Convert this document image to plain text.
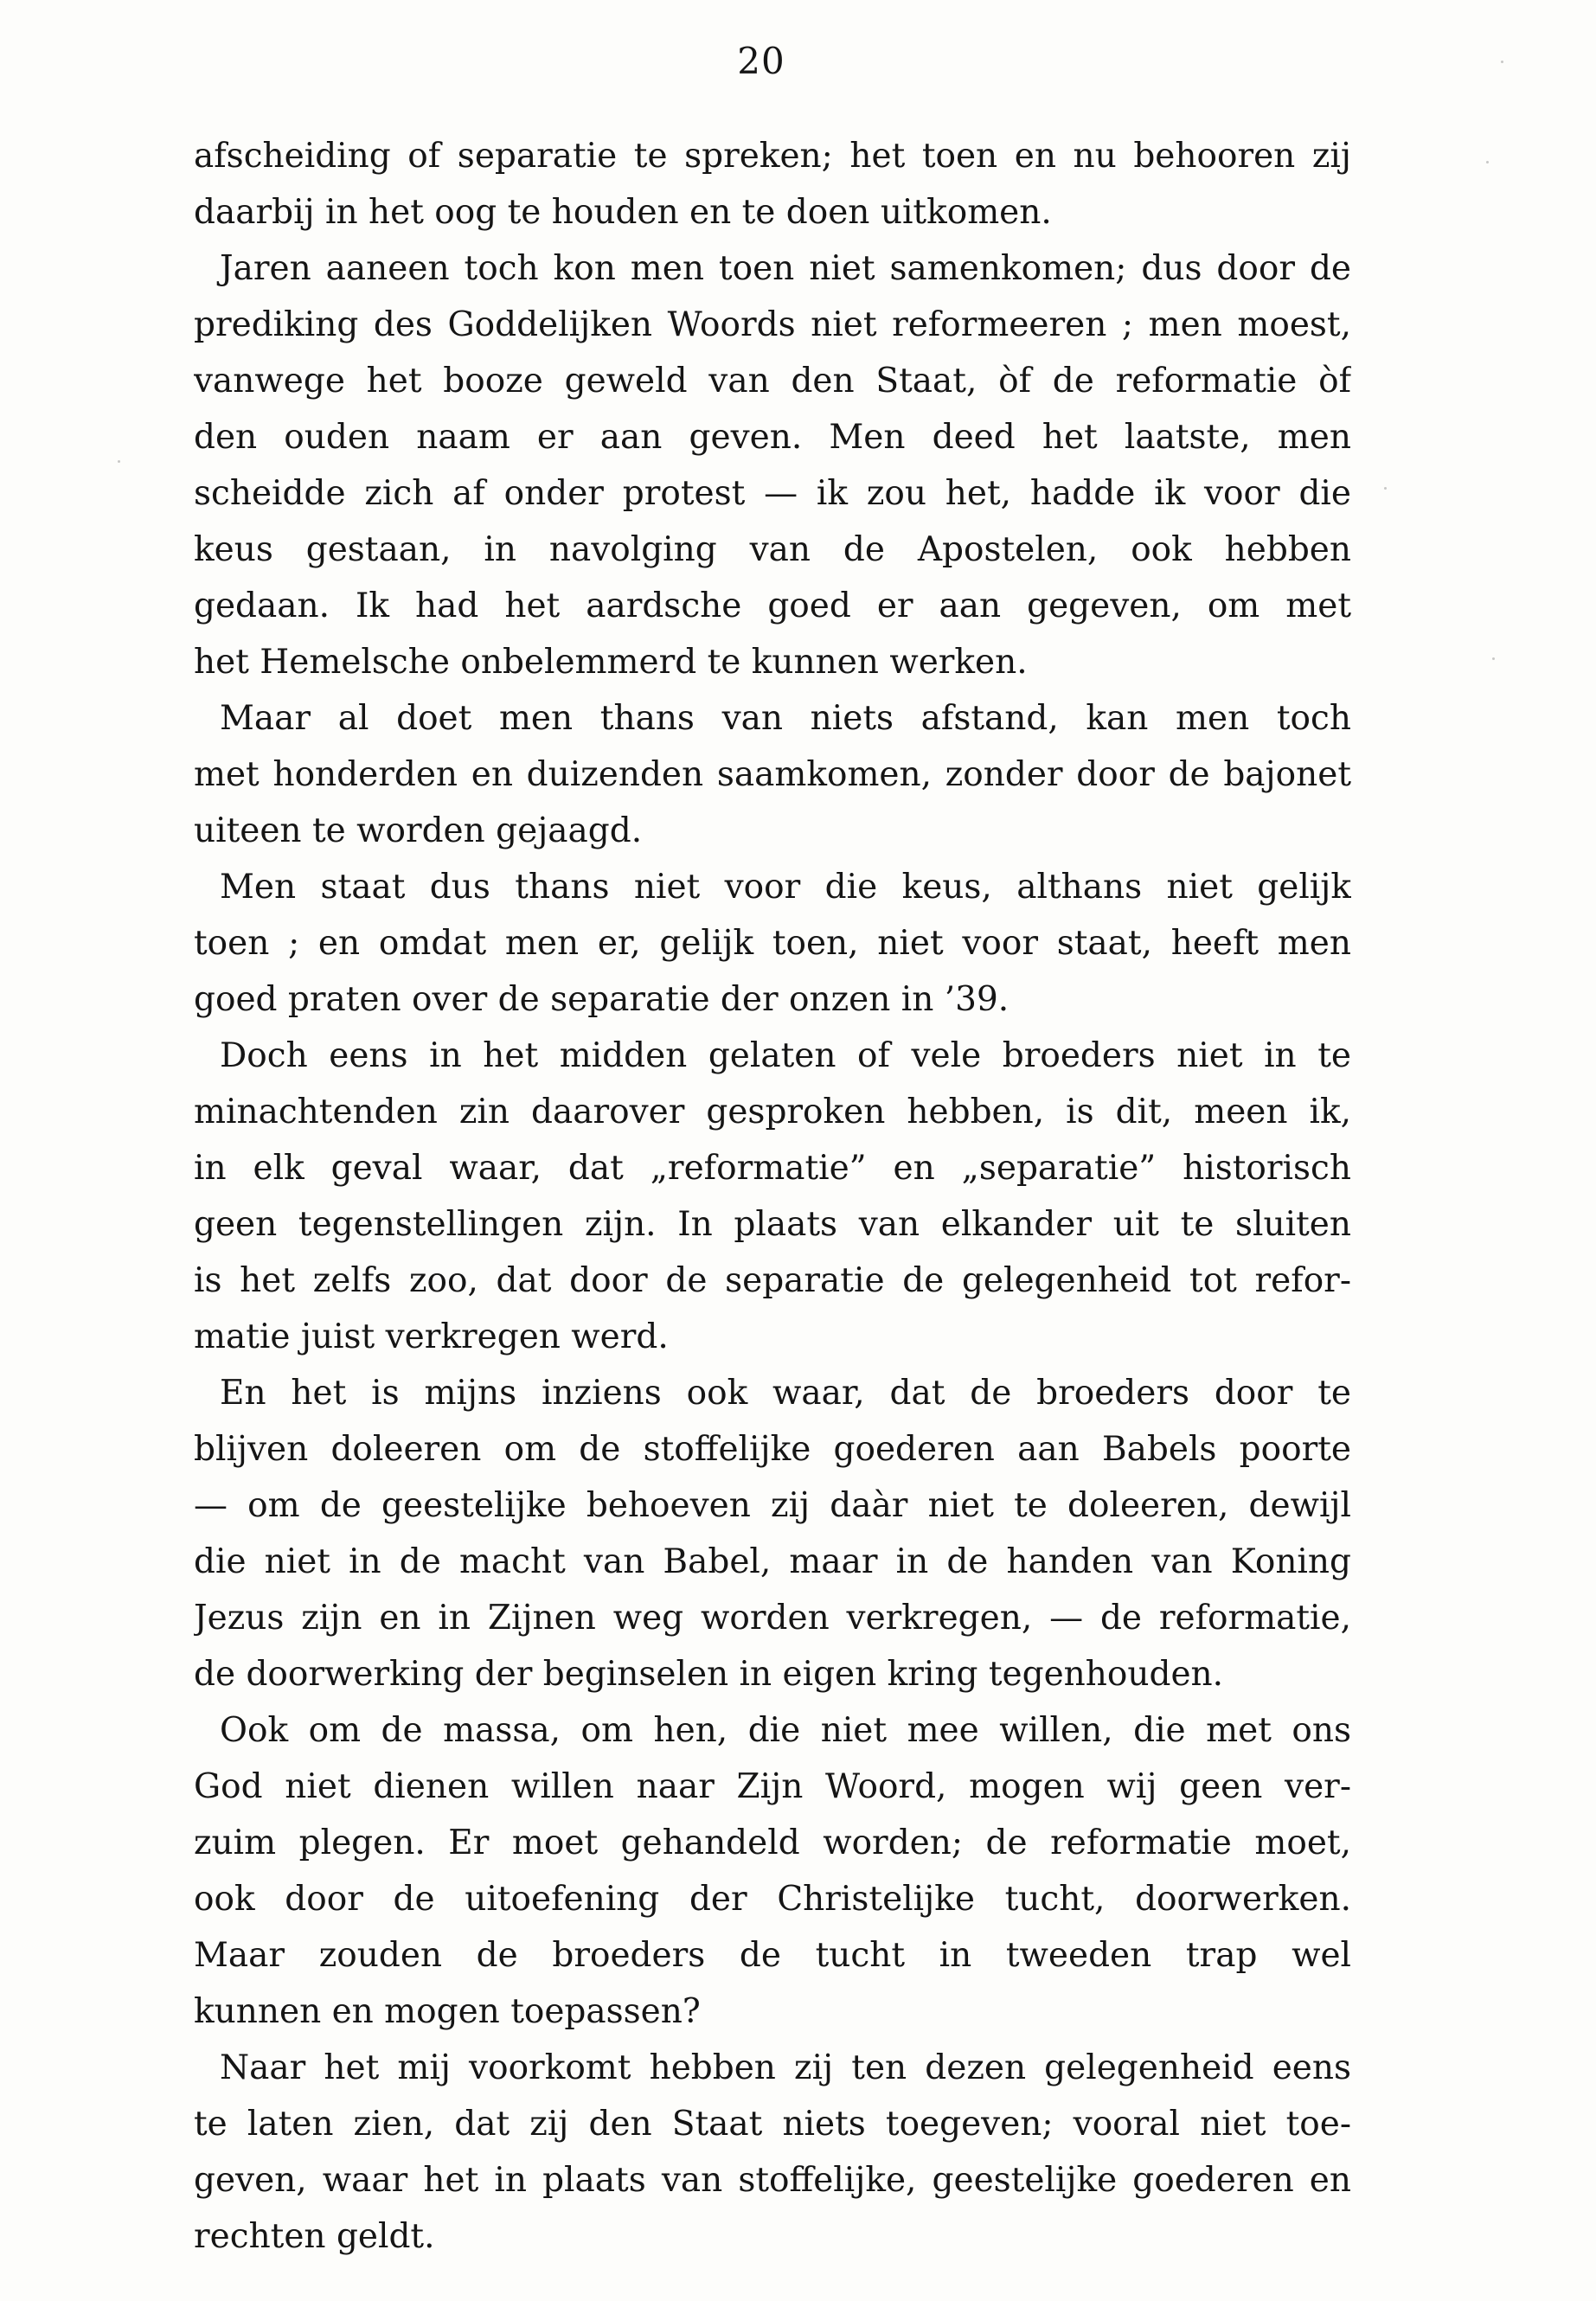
20
afscheiding of separatie te spreken; het toen en nu behooren zij
daarbij in het oog te houden en te doen uitkomen.
Jaren aaneen toch kon men toen niet samenkomen; dus door de
prediking des Goddelijken Woords niet reformeeren ; men moest,
vanwege het booze geweld van den Staat, òf de reformatie òf
den ouden naam er aan geven. Men deed het laatste, men
scheidde zich af onder protest — ik zou het, hadde ik voor die
keus gestaan, in navolging van de Apostelen, ook hebben
gedaan. Ik had het aardsche goed er aan gegeven, om met
het Hemelsche onbelemmerd te kunnen werken.
Maar al doet men thans van niets afstand, kan men toch
met honderden en duizenden saamkomen, zonder door de bajonet
uiteen te worden gejaagd.
Men staat dus thans niet voor die keus, althans niet gelijk
toen ; en omdat men er, gelijk toen, niet voor staat, heeft men
goed praten over de separatie der onzen in ’39.
Doch eens in het midden gelaten of vele broeders niet in te
minachtenden zin daarover gesproken hebben, is dit, meen ik,
in elk geval waar, dat „reformatie” en „separatie” historisch
geen tegenstellingen zijn. In plaats van elkander uit te sluiten
is het zelfs zoo, dat door de separatie de gelegenheid tot refor-
matie juist verkregen werd.
En het is mijns inziens ook waar, dat de broeders door te
blijven doleeren om de stoffelijke goederen aan Babels poorte
— om de geestelijke behoeven zij daàr niet te doleeren, dewijl
die niet in de macht van Babel, maar in de handen van Koning
Jezus zijn en in Zijnen weg worden verkregen, — de reformatie,
de doorwerking der beginselen in eigen kring tegenhouden.
Ook om de massa, om hen, die niet mee willen, die met ons
God niet dienen willen naar Zijn Woord, mogen wij geen ver-
zuim plegen. Er moet gehandeld worden; de reformatie moet,
ook door de uitoefening der Christelijke tucht, doorwerken.
Maar zouden de broeders de tucht in tweeden trap wel
kunnen en mogen toepassen?
Naar het mij voorkomt hebben zij ten dezen gelegenheid eens
te laten zien, dat zij den Staat niets toegeven; vooral niet toe-
geven, waar het in plaats van stoffelijke, geestelijke goederen en
rechten geldt.
